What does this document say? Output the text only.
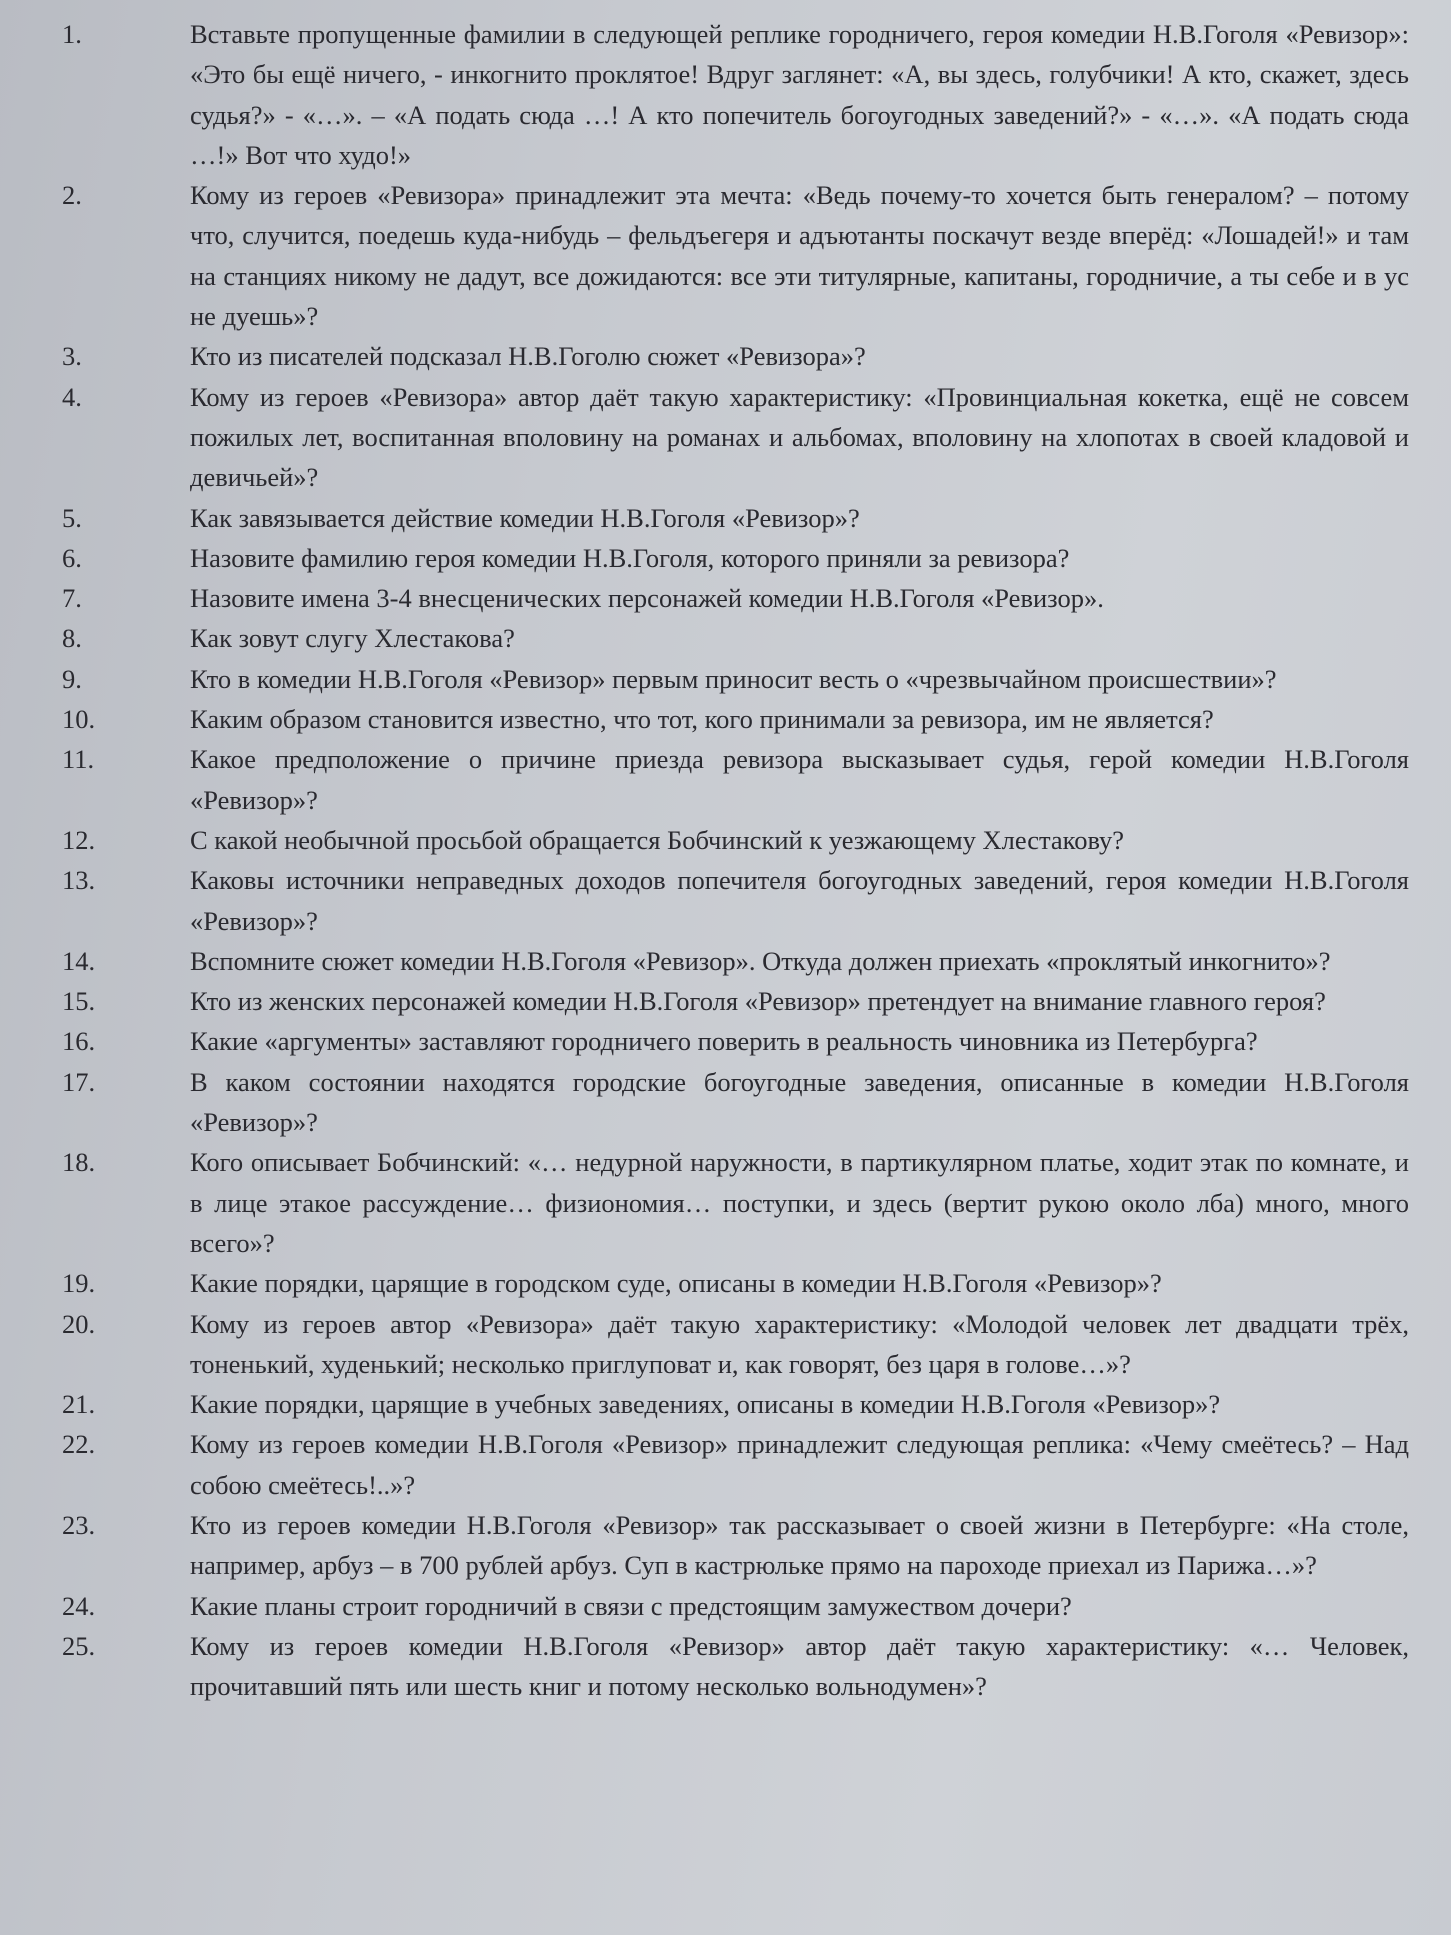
1.	Вставьте пропущенные фамилии в следующей реплике городничего, героя комедии Н.В.Гоголя «Ревизор»: «Это бы ещё ничего, - инкогнито проклятое! Вдруг заглянет: «А, вы здесь, голубчики! А кто, скажет, здесь судья?» - «…». – «А подать сюда …! А кто попечитель богоугодных заведений?» - «…». «А подать сюда …!» Вот что худо!»
2.	Кому из героев «Ревизора» принадлежит эта мечта: «Ведь почему-то хочется быть генералом? – потому что, случится, поедешь куда-нибудь – фельдъегеря и адъютанты поскачут везде вперёд: «Лошадей!» и там на станциях никому не дадут, все дожидаются: все эти титулярные, капитаны, городничие, а ты себе и в ус не дуешь»?
3.	Кто из писателей подсказал Н.В.Гоголю сюжет «Ревизора»?
4.	Кому из героев «Ревизора» автор даёт такую характеристику: «Провинциальная кокетка, ещё не совсем пожилых лет, воспитанная вполовину на романах и альбомах, вполовину на хлопотах в своей кладовой и девичьей»?
5.	Как завязывается действие комедии Н.В.Гоголя «Ревизор»?
6.	Назовите фамилию героя комедии Н.В.Гоголя, которого приняли за ревизора?
7.	Назовите имена 3-4 внесценических персонажей комедии Н.В.Гоголя «Ревизор».
8.	Как зовут слугу Хлестакова?
9.	Кто в комедии Н.В.Гоголя «Ревизор» первым приносит весть о «чрезвычайном происшествии»?
10.	Каким образом становится известно, что тот, кого принимали за ревизора, им не является?
11.	Какое предположение о причине приезда ревизора высказывает судья, герой комедии Н.В.Гоголя «Ревизор»?
12.	С какой необычной просьбой обращается Бобчинский к уезжающему Хлестакову?
13.	Каковы источники неправедных доходов попечителя богоугодных заведений, героя комедии Н.В.Гоголя «Ревизор»?
14.	Вспомните сюжет комедии Н.В.Гоголя «Ревизор». Откуда должен приехать «проклятый инкогнито»?
15.	Кто из женских персонажей комедии Н.В.Гоголя «Ревизор» претендует на внимание главного героя?
16.	Какие «аргументы» заставляют городничего поверить в реальность чиновника из Петербурга?
17.	В каком состоянии находятся городские богоугодные заведения, описанные в комедии Н.В.Гоголя «Ревизор»?
18.	Кого описывает Бобчинский: «… недурной наружности, в партикулярном платье, ходит этак по комнате, и в лице этакое рассуждение… физиономия… поступки, и здесь (вертит рукою около лба) много, много всего»?
19.	Какие порядки, царящие в городском суде, описаны в комедии Н.В.Гоголя «Ревизор»?
20.	Кому из героев автор «Ревизора» даёт такую характеристику: «Молодой человек лет двадцати трёх, тоненький, худенький; несколько приглуповат и, как говорят, без царя в голове…»?
21.	Какие порядки, царящие в учебных заведениях, описаны в комедии Н.В.Гоголя «Ревизор»?
22.	Кому из героев комедии Н.В.Гоголя «Ревизор» принадлежит следующая реплика: «Чему смеётесь? – Над собою смеётесь!..»?
23.	Кто из героев комедии Н.В.Гоголя «Ревизор» так рассказывает о своей жизни в Петербурге: «На столе, например, арбуз – в 700 рублей арбуз. Суп в кастрюльке прямо на пароходе приехал из Парижа…»?
24.	Какие планы строит городничий в связи с предстоящим замужеством дочери?
25.	Кому из героев комедии Н.В.Гоголя «Ревизор» автор даёт такую характеристику: «… Человек, прочитавший пять или шесть книг и потому несколько вольнодумен»?
